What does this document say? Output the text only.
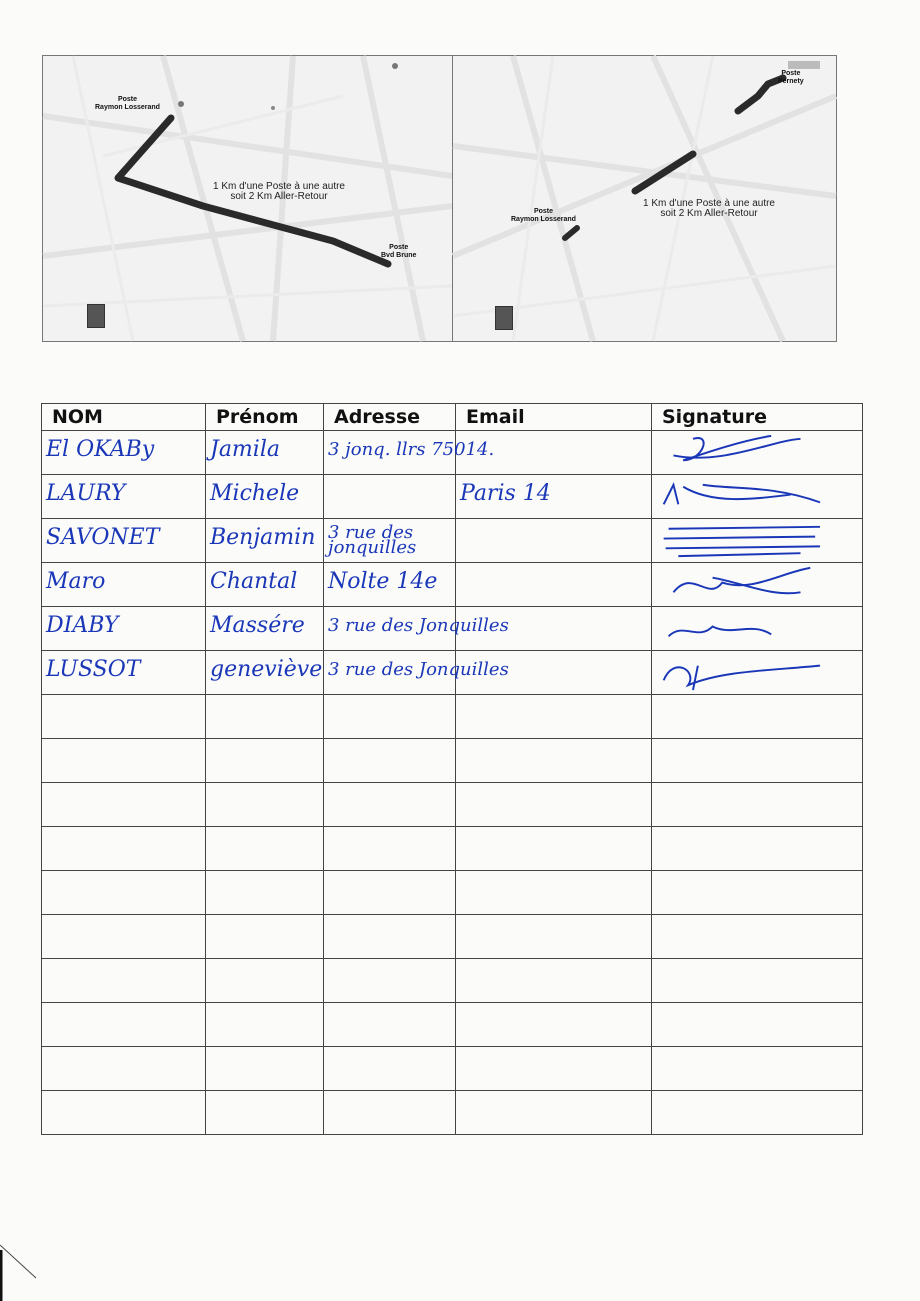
Poste
Raymon Losserand
Poste
Bvd Brune
1 Km d'une Poste à une autre
soit 2 Km Aller-Retour
Poste
Raymon Losserand
Poste
Pernety
1 Km d'une Poste à une autre
soit 2 Km Aller-Retour
NOM	Prénom	Adresse	Email	Signature

El OKABy	Jamila	3 jonq. llrs 75014.

LAURY	Michele		Paris 14

SAVONET	Benjamin	3 rue des
jonquilles

Maro	Chantal	Nolte 14e

DIABY	Massére	3 rue des Jonquilles

LUSSOT	geneviève	3 rue des Jonquilles
